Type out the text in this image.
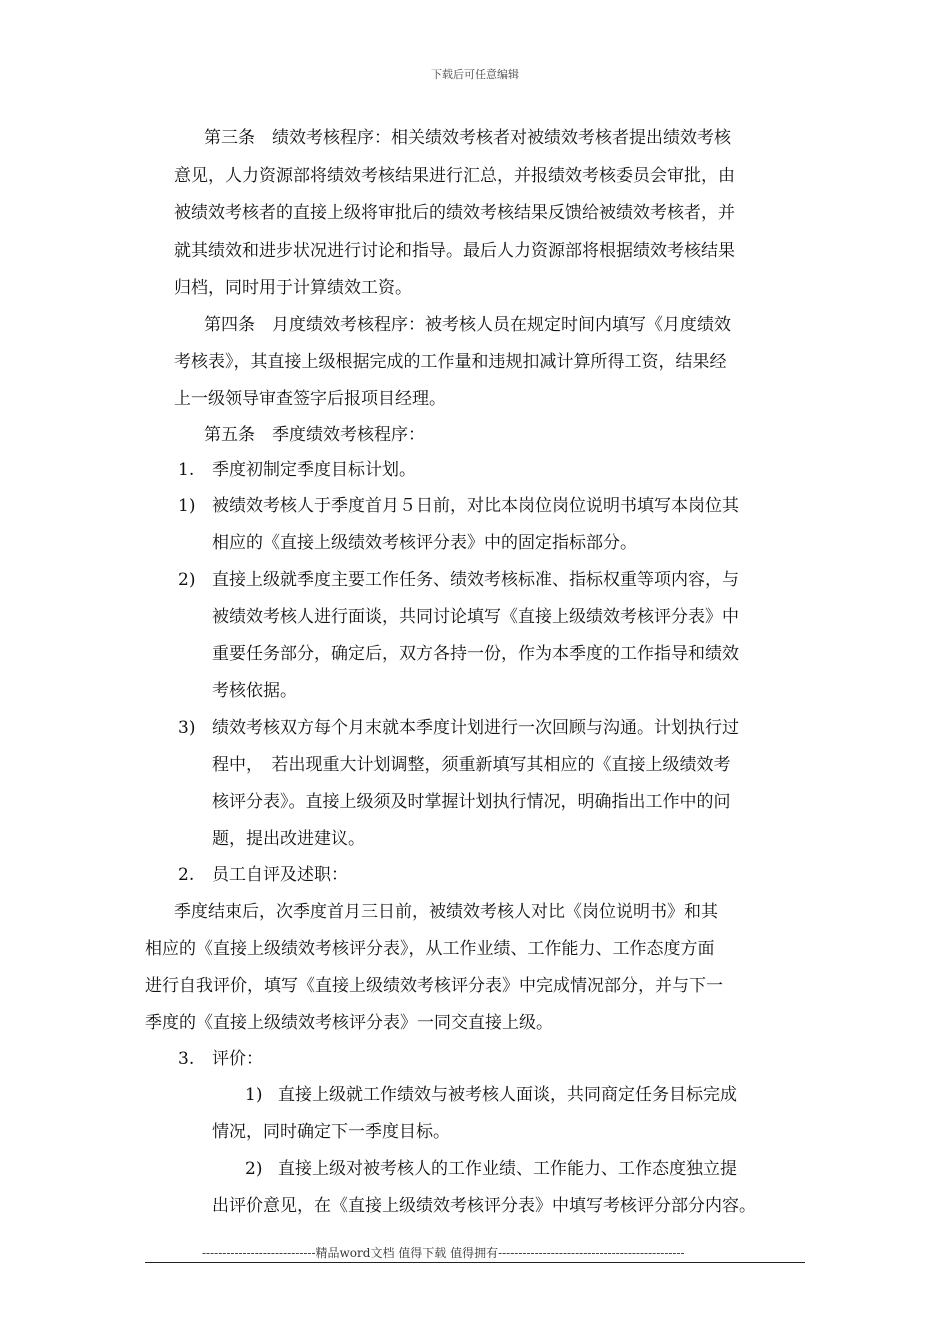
下载后可任意编辑
第三条　绩效考核程序：相关绩效考核者对被绩效考核者提出绩效考核
意见，人力资源部将绩效考核结果进行汇总，并报绩效考核委员会审批，由
被绩效考核者的直接上级将审批后的绩效考核结果反馈给被绩效考核者，并
就其绩效和进步状况进行讨论和指导。最后人力资源部将根据绩效考核结果
归档，同时用于计算绩效工资。
第四条　月度绩效考核程序：被考核人员在规定时间内填写《月度绩效
考核表》，其直接上级根据完成的工作量和违规扣减计算所得工资，结果经
上一级领导审查签字后报项目经理。
第五条　季度绩效考核程序：
1. 季度初制定季度目标计划。
1) 被绩效考核人于季度首月５日前，对比本岗位岗位说明书填写本岗位其
相应的《直接上级绩效考核评分表》中的固定指标部分。
2) 直接上级就季度主要工作任务、绩效考核标准、指标权重等项内容，与
被绩效考核人进行面谈，共同讨论填写《直接上级绩效考核评分表》中
重要任务部分，确定后，双方各持一份，作为本季度的工作指导和绩效
考核依据。
3) 绩效考核双方每个月末就本季度计划进行一次回顾与沟通。计划执行过
程中，　若出现重大计划调整，须重新填写其相应的《直接上级绩效考
核评分表》。直接上级须及时掌握计划执行情况，明确指出工作中的问
题，提出改进建议。
2. 员工自评及述职：
季度结束后，次季度首月三日前，被绩效考核人对比《岗位说明书》和其
相应的《直接上级绩效考核评分表》，从工作业绩、工作能力、工作态度方面
进行自我评价，填写《直接上级绩效考核评分表》中完成情况部分，并与下一
季度的《直接上级绩效考核评分表》一同交直接上级。
3. 评价：
1) 直接上级就工作绩效与被考核人面谈，共同商定任务目标完成
情况，同时确定下一季度目标。
2) 直接上级对被考核人的工作业绩、工作能力、工作态度独立提
出评价意见，在《直接上级绩效考核评分表》中填写考核评分部分内容。
----------------------------精品word文档 值得下载 值得拥有----------------------------------------------
